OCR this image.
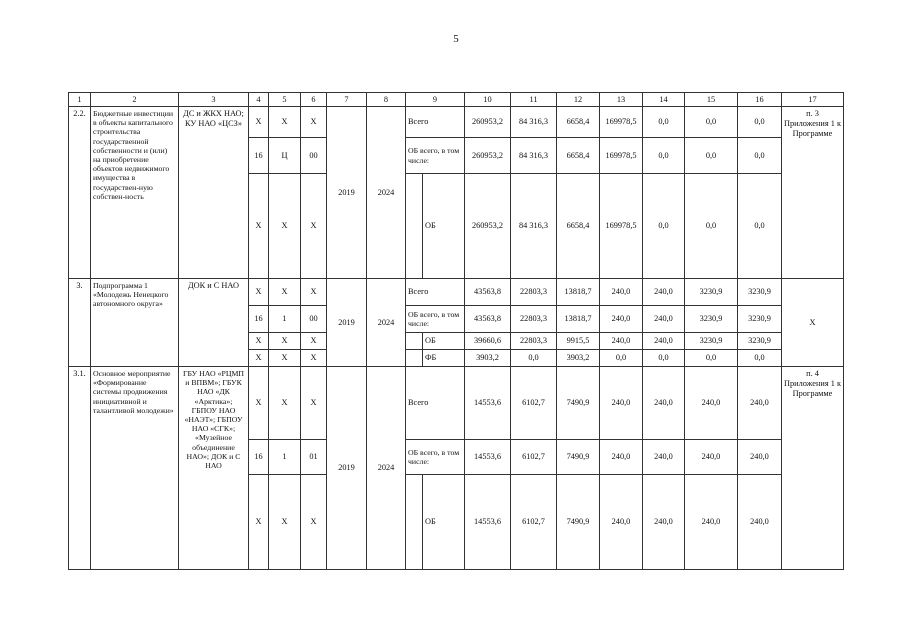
5
1	2	3	4	5	6	7	8	9		10	11	12	13	14	15	16	17
2.2.	Бюджетные инвестиции в объекты капитального строительства государственной собственности и (или) на приобретение объектов недвижимого имущества в государствен-ную собствен-ность	ДС и ЖКХ НАО; КУ НАО «ЦСЗ»	Х	Х	Х	2019	2024	Всего		260953,2	84 316,3	6658,4	169978,5	0,0	0,0	0,0	п. 3 Приложения 1 к Программе
			16	Ц	00			ОБ всего, в том числе:		260953,2	84 316,3	6658,4	169978,5	0,0	0,0	0,0	
			Х	Х	Х				ОБ	260953,2	84 316,3	6658,4	169978,5	0,0	0,0	0,0	
3.	Подпрограмма 1 «Молодежь Ненецкого автономного округа»	ДОК и С НАО	Х	Х	Х	2019	2024	Всего		43563,8	22803,3	13818,7	240,0	240,0	3230,9	3230,9	Х
			16	1	00			ОБ всего, в том числе:		43563,8	22803,3	13818,7	240,0	240,0	3230,9	3230,9	
			Х	Х	Х				ОБ	39660,6	22803,3	9915,5	240,0	240,0	3230,9	3230,9	
			Х	Х	Х				ФБ	3903,2	0,0	3903,2	0,0	0,0	0,0	0,0	
3.1.	Основное мероприятие «Формирование системы продвижения инициативной и талантливой молодежи»	ГБУ НАО «РЦМП и ВПВМ»; ГБУК НАО «ДК «Арктика»; ГБПОУ НАО «НАЭТ»; ГБПОУ НАО «СГК»; «Музейное объединение НАО»; ДОК и С НАО	Х	Х	Х	2019	2024	Всего		14553,6	6102,7	7490,9	240,0	240,0	240,0	240,0	п. 4 Приложения 1 к Программе
			16	1	01			ОБ всего, в том числе:		14553,6	6102,7	7490,9	240,0	240,0	240,0	240,0	
			Х	Х	Х				ОБ	14553,6	6102,7	7490,9	240,0	240,0	240,0	240,0	
